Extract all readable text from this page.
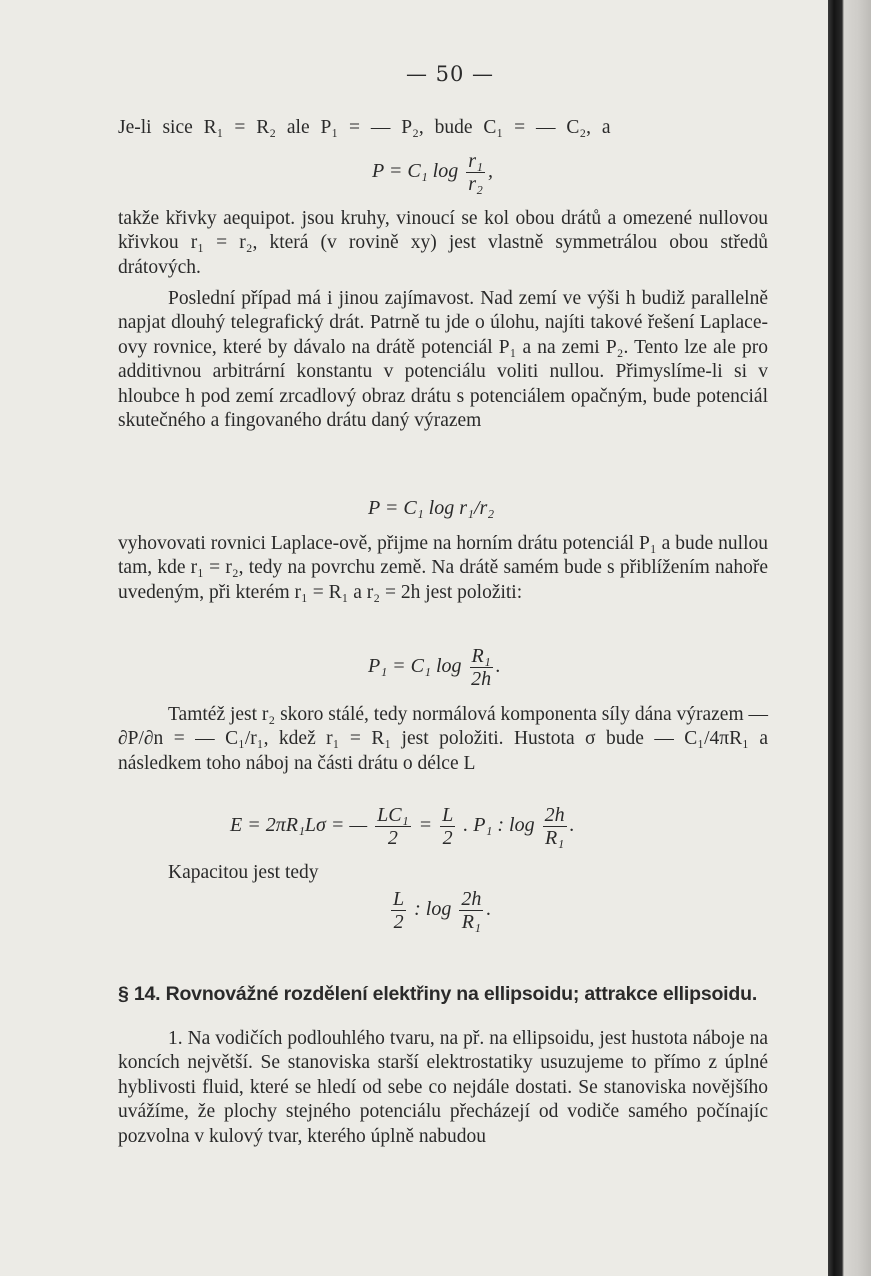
— 50 —
Je-li sice R₁ = R₂ ale P₁ = — P₂, bude C₁ = — C₂, a
P = C₁ $\log \frac{\text{r₁}}{\text{r₂}}$ ,
takže křivky aequipot. jsou kruhy, vinoucí se kol obou drátů a omezené nullovou křivkou r₁ = r₂, která (v rovině xy) jest vlastně symmetrálou obou středů drátových.
Poslední případ má i jinou zajímavost. Nad zemí ve výši h budiž parallelně napjat dlouhý telegrafický drát. Patrně tu jde o úlohu, najíti takové řešení Laplace-ovy rovnice, které by dávalo na drátě potenciál P₁ a na zemi P₂. Tento lze ale pro additivnou arbitrární konstantu v potenciálu voliti nullou. Přimyslíme-li si v hloubce h pod zemí zrcadlový obraz drátu s potenciálem opačným, bude potenciál skutečného a fingovaného drátu daný výrazem
P = C₁ log r₁/r₂
vyhovovati rovnici Laplace-ově, přijme na horním drátu potenciál P₁ a bude nullou tam, kde r₁ = r₂, tedy na povrchu země. Na drátě samém bude s přiblížením nahoře uvedeným, při kterém r₁ = R₁ a r₂ = 2h jest položiti:
P₁ = C₁ $\log \frac{\text{R₁}}{2h}$ .
Tamtéž jest r₂ skoro stálé, tedy normálová komponenta síly dána výrazem — ∂P/∂n = — C₁/r₁, kdež r₁ = R₁ jest položiti. Hustota σ bude — C₁/4πR₁ a následkem toho náboj na části drátu o délce L
E = 2πR₁Lσ = — $\frac{\text{LC₁}}{2} = \frac{L}{2}$ . P₁ : $\log \frac{2h}{\text{R₁}}$ .
Kapacitou jest tedy
$\frac{L}{2}$ : $\log \frac{2h}{\text{R₁}}$ .
§ 14. Rovnovážné rozdělení elektřiny na ellipsoidu; attrakce ellipsoidu.
1. Na vodičích podlouhlého tvaru, na př. na ellipsoidu, jest hustota náboje na koncích největší. Se stanoviska starší elektrostatiky usuzujeme to přímo z úplné hyblivosti fluid, které se hledí od sebe co nejdále dostati. Se stanoviska novějšího uvážíme, že plochy stejného potenciálu přecházejí od vodiče samého počínajíc pozvolna v kulový tvar, kterého úplně nabudou
